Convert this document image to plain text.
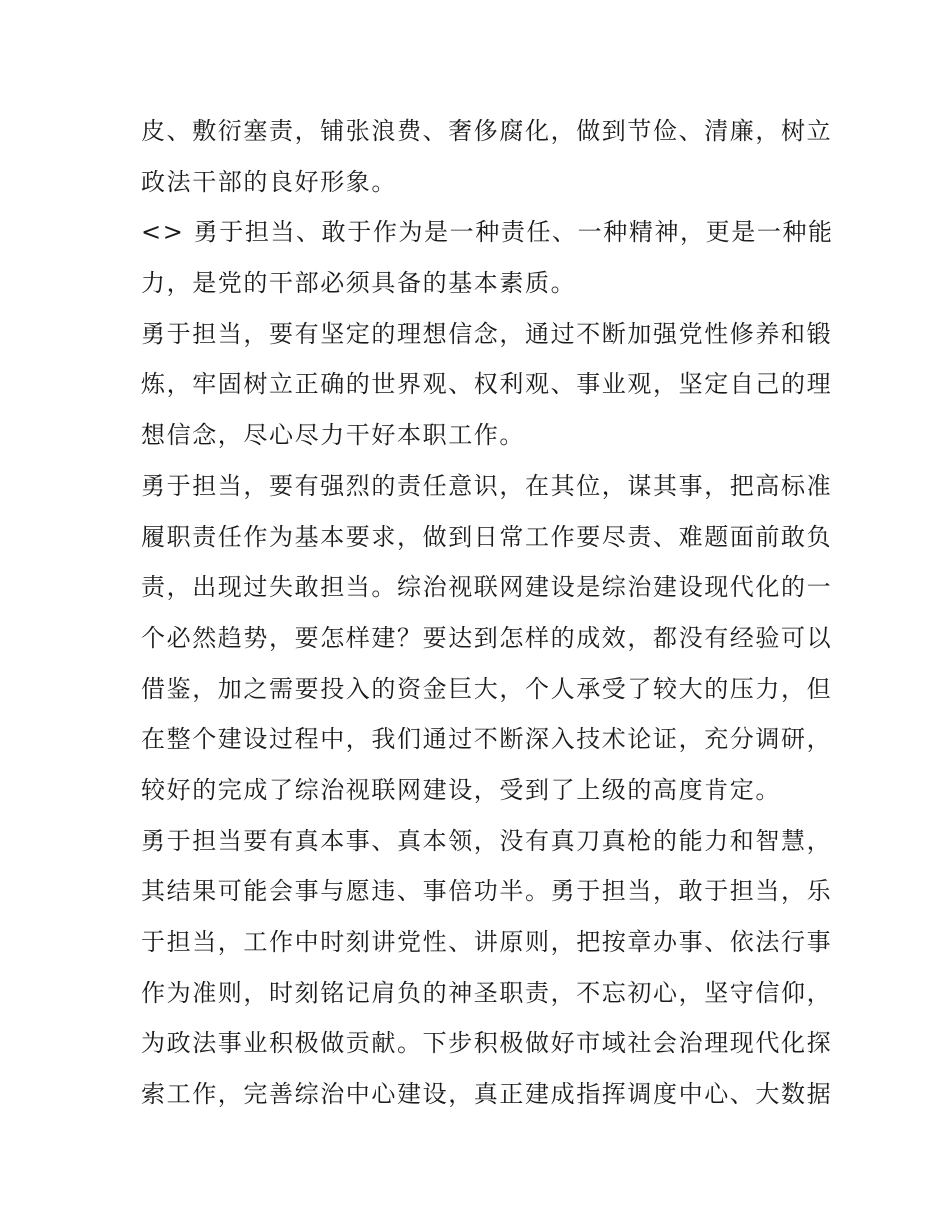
皮、敷衍塞责，铺张浪费、奢侈腐化，做到节俭、清廉，树立
政法干部的良好形象。
<> 勇于担当、敢于作为是一种责任、一种精神，更是一种能
力，是党的干部必须具备的基本素质。
勇于担当，要有坚定的理想信念，通过不断加强党性修养和锻
炼，牢固树立正确的世界观、权利观、事业观，坚定自己的理
想信念，尽心尽力干好本职工作。
勇于担当，要有强烈的责任意识，在其位，谋其事，把高标准
履职责任作为基本要求，做到日常工作要尽责、难题面前敢负
责，出现过失敢担当。综治视联网建设是综治建设现代化的一
个必然趋势，要怎样建？要达到怎样的成效，都没有经验可以
借鉴，加之需要投入的资金巨大，个人承受了较大的压力，但
在整个建设过程中，我们通过不断深入技术论证，充分调研，
较好的完成了综治视联网建设，受到了上级的高度肯定。
勇于担当要有真本事、真本领，没有真刀真枪的能力和智慧，
其结果可能会事与愿违、事倍功半。勇于担当，敢于担当，乐
于担当，工作中时刻讲党性、讲原则，把按章办事、依法行事
作为准则，时刻铭记肩负的神圣职责，不忘初心，坚守信仰，
为政法事业积极做贡献。下步积极做好市域社会治理现代化探
索工作，完善综治中心建设，真正建成指挥调度中心、大数据
